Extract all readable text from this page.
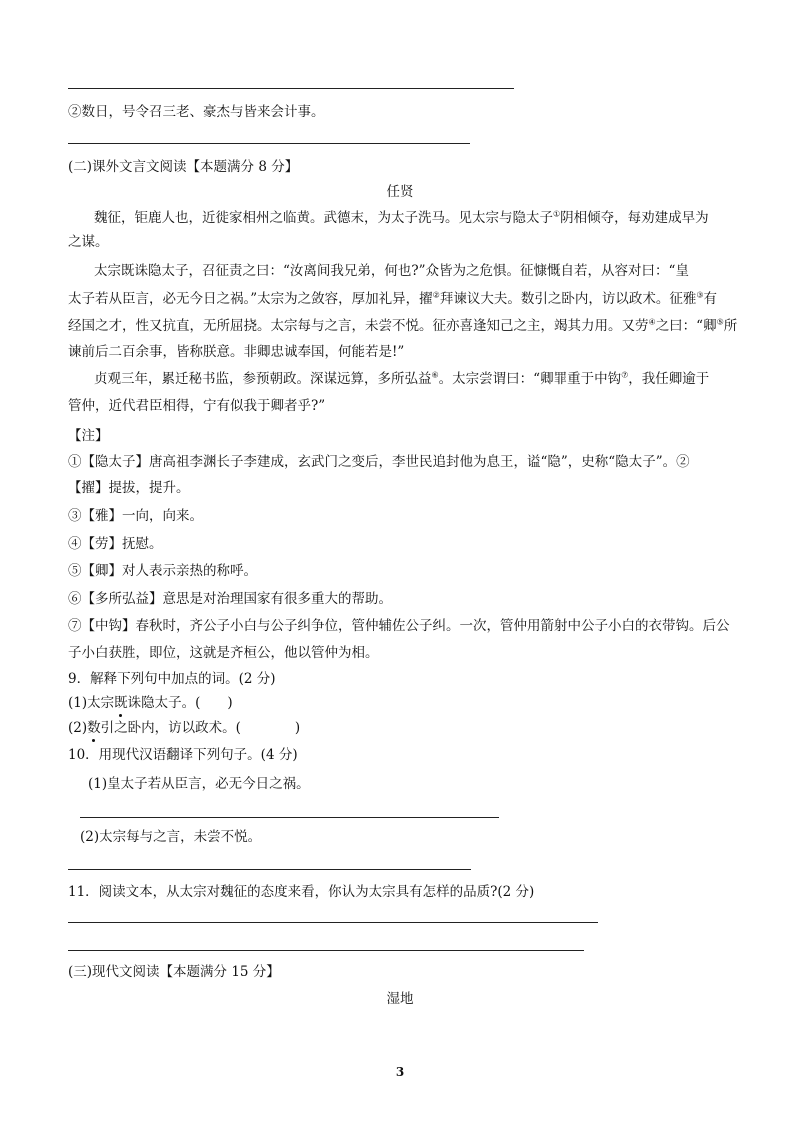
②数日，号令召三老、豪杰与皆来会计事。
(二)课外文言文阅读【本题满分 8 分】
任贤
魏征，钜鹿人也，近徙家相州之临黄。武德末，为太子洗马。见太宗与隐太子①阴相倾夺，每劝建成早为
之谋。
太宗既诛隐太子，召征责之曰：“汝离间我兄弟，何也?”众皆为之危惧。征慷慨自若，从容对曰：“皇
太子若从臣言，必无今日之祸。”太宗为之敛容，厚加礼异，擢②拜谏议大夫。数引之卧内，访以政术。征雅③有
经国之才，性又抗直，无所屈挠。太宗每与之言，未尝不悦。征亦喜逢知己之主，竭其力用。又劳④之曰：“卿⑤所
谏前后二百余事，皆称朕意。非卿忠诚奉国，何能若是!”
贞观三年，累迁秘书监，参预朝政。深谋远算，多所弘益⑥。太宗尝谓曰：“卿罪重于中钩⑦，我任卿逾于
管仲，近代君臣相得，宁有似我于卿者乎?”
【注】
①【隐太子】唐高祖李渊长子李建成，玄武门之变后，李世民追封他为息王，谥“隐”，史称“隐太子”。②
【擢】提拔，提升。
③【雅】一向，向来。
④【劳】抚慰。
⑤【卿】对人表示亲热的称呼。
⑥【多所弘益】意思是对治理国家有很多重大的帮助。
⑦【中钩】春秋时，齐公子小白与公子纠争位，管仲辅佐公子纠。一次，管仲用箭射中公子小白的衣带钩。后公
子小白获胜，即位，这就是齐桓公，他以管仲为相。
9．解释下列句中加点的词。(2 分)
(1)太宗既诛隐太子。(　　)
(2)数引之卧内，访以政术。(　　　　)
10．用现代汉语翻译下列句子。(4 分)
(1)皇太子若从臣言，必无今日之祸。
(2)太宗每与之言，未尝不悦。
11．阅读文本，从太宗对魏征的态度来看，你认为太宗具有怎样的品质?(2 分)
(三)现代文阅读【本题满分 15 分】
湿地
3
